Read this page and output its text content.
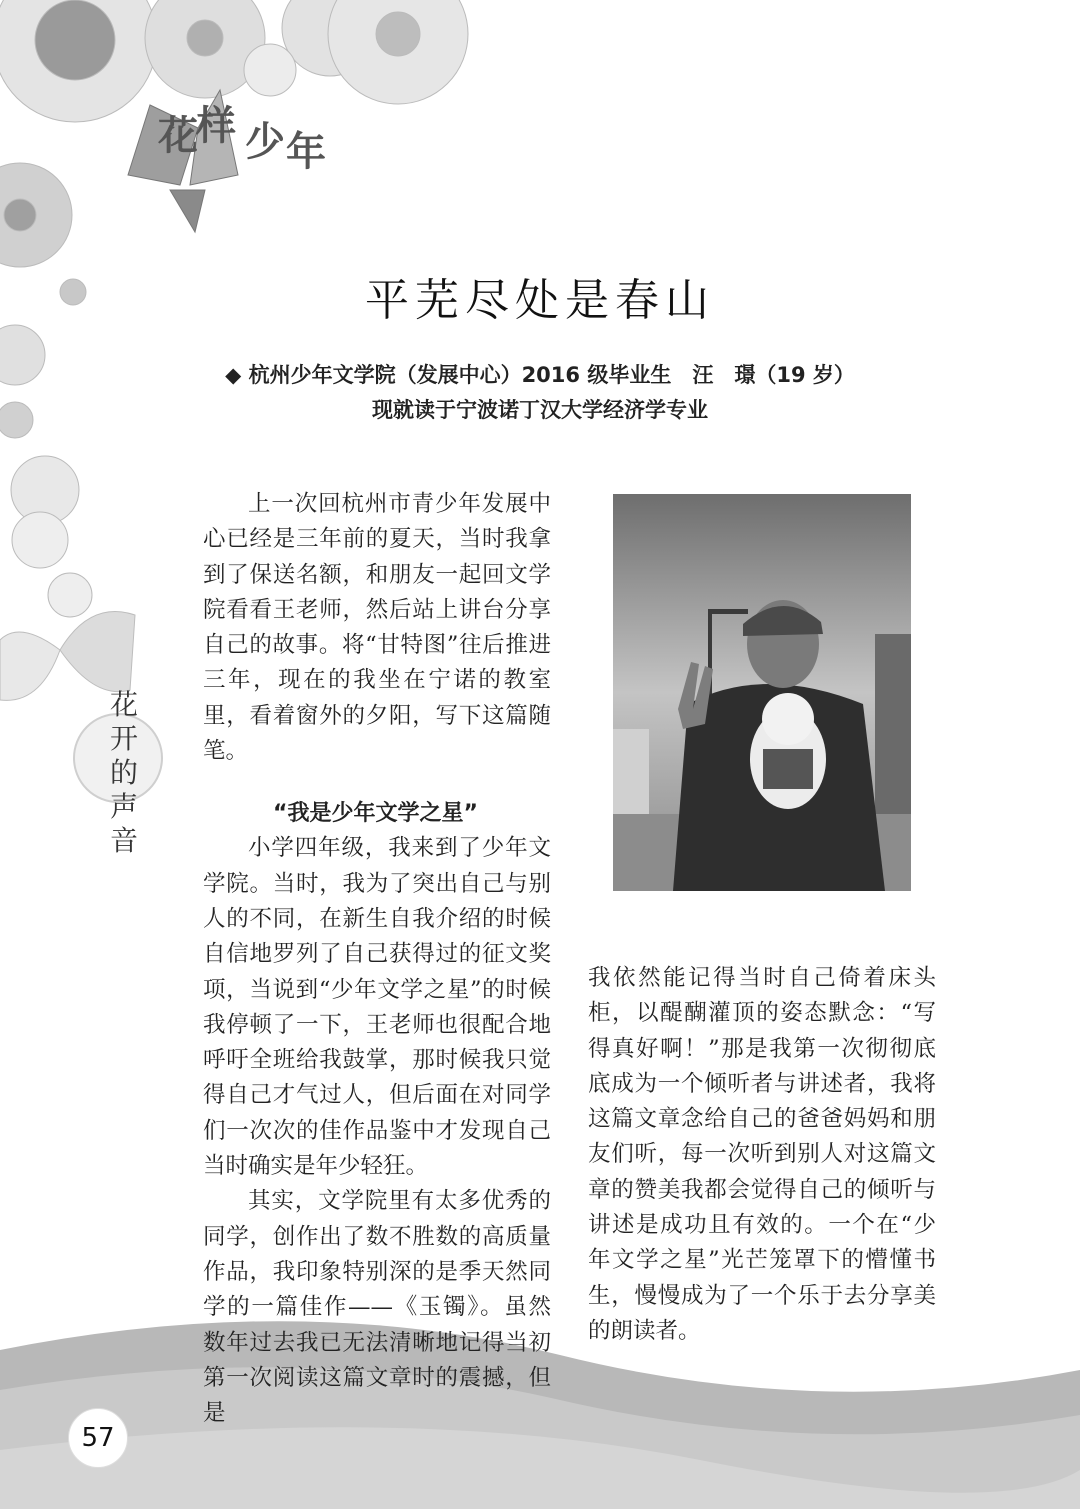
花
样 少
年
花
开
的
声
音
平芜尽处是春山
◆ 杭州少年文学院（发展中心）2016 级毕业生　汪　璟（19 岁）
现就读于宁波诺丁汉大学经济学专业

上一次回杭州市青少年发展中心已经是三年前的夏天，当时我拿到了保送名额，和朋友一起回文学院看看王老师，然后站上讲台分享自己的故事。将“甘特图”往后推进三年，现在的我坐在宁诺的教室里，看着窗外的夕阳，写下这篇随笔。

“我是少年文学之星”

小学四年级，我来到了少年文学院。当时，我为了突出自己与别人的不同，在新生自我介绍的时候自信地罗列了自己获得过的征文奖项，当说到“少年文学之星”的时候我停顿了一下，王老师也很配合地呼吁全班给我鼓掌，那时候我只觉得自己才气过人，但后面在对同学们一次次的佳作品鉴中才发现自己当时确实是年少轻狂。

其实，文学院里有太多优秀的同学，创作出了数不胜数的高质量作品，我印象特别深的是季天然同学的一篇佳作——《玉镯》。虽然数年过去我已无法清晰地记得当初第一次阅读这篇文章时的震撼，但是

我依然能记得当时自己倚着床头柜，以醍醐灌顶的姿态默念：“写得真好啊！”那是我第一次彻彻底底成为一个倾听者与讲述者，我将这篇文章念给自己的爸爸妈妈和朋友们听，每一次听到别人对这篇文章的赞美我都会觉得自己的倾听与讲述是成功且有效的。一个在“少年文学之星”光芒笼罩下的懵懂书生，慢慢成为了一个乐于去分享美的朗读者。

57
